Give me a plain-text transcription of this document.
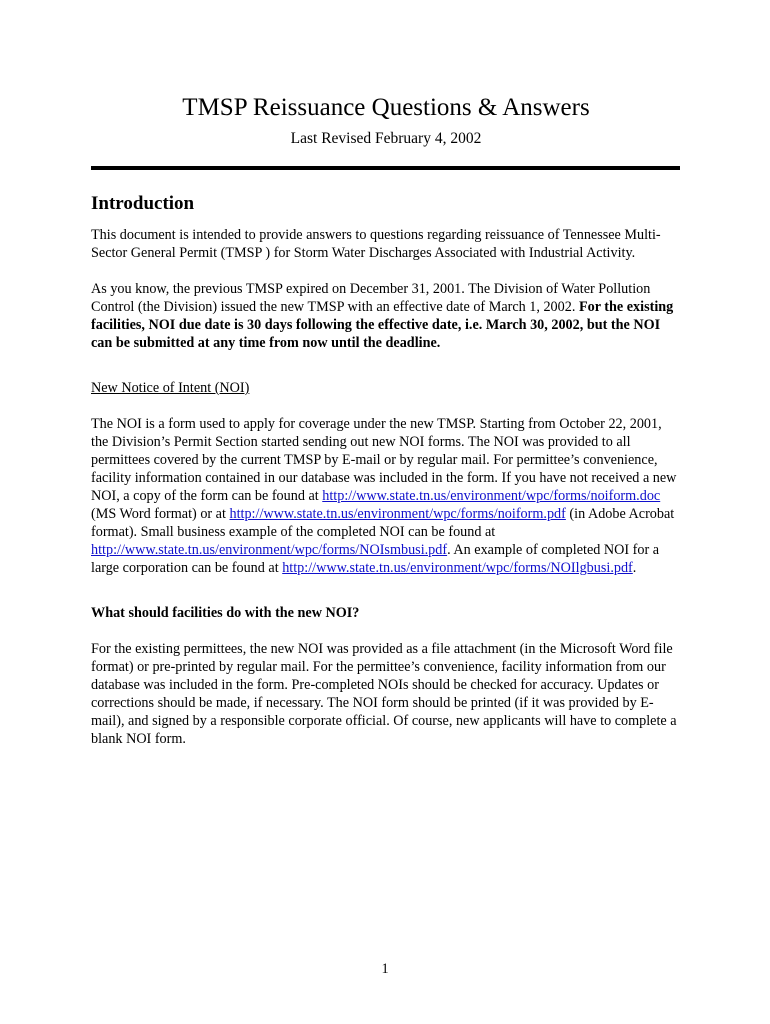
TMSP Reissuance Questions & Answers
Last Revised February 4, 2002
Introduction

This document is intended to provide answers to questions regarding reissuance of Tennessee Multi-Sector General Permit (TMSP ) for Storm Water Discharges Associated with Industrial Activity.

As you know, the previous TMSP expired on December 31, 2001. The Division of Water Pollution Control (the Division) issued the new TMSP with an effective date of March 1, 2002. For the existing facilities, NOI due date is 30 days following the effective date, i.e. March 30, 2002, but the NOI can be submitted at any time from now until the deadline.

New Notice of Intent (NOI)

The NOI is a form used to apply for coverage under the new TMSP. Starting from October 22, 2001, the Division’s Permit Section started sending out new NOI forms. The NOI was provided to all permittees covered by the current TMSP by E-mail or by regular mail. For permittee’s convenience, facility information contained in our database was included in the form. If you have not received a new NOI, a copy of the form can be found at http://www.state.tn.us/environment/wpc/forms/noiform.doc (MS Word format) or at http://www.state.tn.us/environment/wpc/forms/noiform.pdf (in Adobe Acrobat format). Small business example of the completed NOI can be found at http://www.state.tn.us/environment/wpc/forms/NOIsmbusi.pdf. An example of completed NOI for a large corporation can be found at http://www.state.tn.us/environment/wpc/forms/NOIlgbusi.pdf.

What should facilities do with the new NOI?

For the existing permittees, the new NOI was provided as a file attachment (in the Microsoft Word file format) or pre-printed by regular mail. For the permittee’s convenience, facility information from our database was included in the form. Pre-completed NOIs should be checked for accuracy. Updates or corrections should be made, if necessary. The NOI form should be printed (if it was provided by E-mail), and signed by a responsible corporate official. Of course, new applicants will have to complete a blank NOI form.

1
